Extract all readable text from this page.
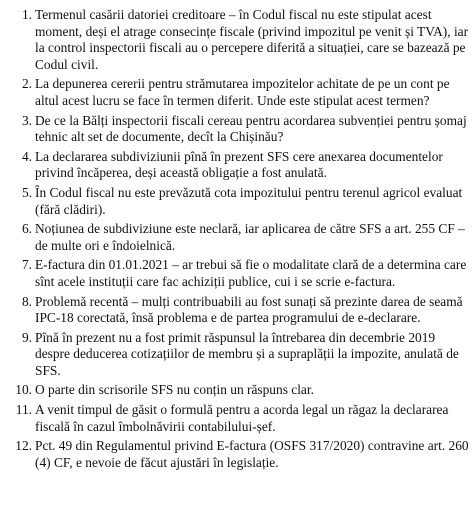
1. Termenul casării datoriei creditoare – în Codul fiscal nu este stipulat acest moment, deși el atrage consecințe fiscale (privind impozitul pe venit și TVA), iar la control inspectorii fiscali au o percepere diferită a situației, care se bazează pe Codul civil.
2. La depunerea cererii pentru strămutarea impozitelor achitate de pe un cont pe altul acest lucru se face în termen diferit. Unde este stipulat acest termen?
3. De ce la Bălți inspectorii fiscali cereau pentru acordarea subvenției pentru șomaj tehnic alt set de documente, decît la Chișinău?
4. La declararea subdiviziunii pînă în prezent SFS cere anexarea documentelor privind încăperea, deși această obligație a fost anulată.
5. În Codul fiscal nu este prevăzută cota impozitului pentru terenul agricol evaluat (fără clădiri).
6. Noțiunea de subdiviziune este neclară, iar aplicarea de către SFS a art. 255 CF – de multe ori e îndoielnică.
7. E-factura din 01.01.2021 – ar trebui să fie o modalitate clară de a determina care sînt acele instituții care fac achiziții publice, cui i se scrie e-factura.
8. Problemă recentă – mulți contribuabili au fost sunați să prezinte darea de seamă IPC-18 corectată, însă problema e de partea programului de e-declarare.
9. Pînă în prezent nu a fost primit răspunsul la întrebarea din decembrie 2019 despre deducerea cotizațiilor de membru și a supraplății la impozite, anulată de SFS.
10. O parte din scrisorile SFS nu conțin un răspuns clar.
11. A venit timpul de găsit o formulă pentru a acorda legal un răgaz la declararea fiscală în cazul îmbolnăvirii contabilului-șef.
12. Pct. 49 din Regulamentul privind E-factura (OSFS 317/2020) contravine art. 260 (4) CF, e nevoie de făcut ajustări în legislație.
